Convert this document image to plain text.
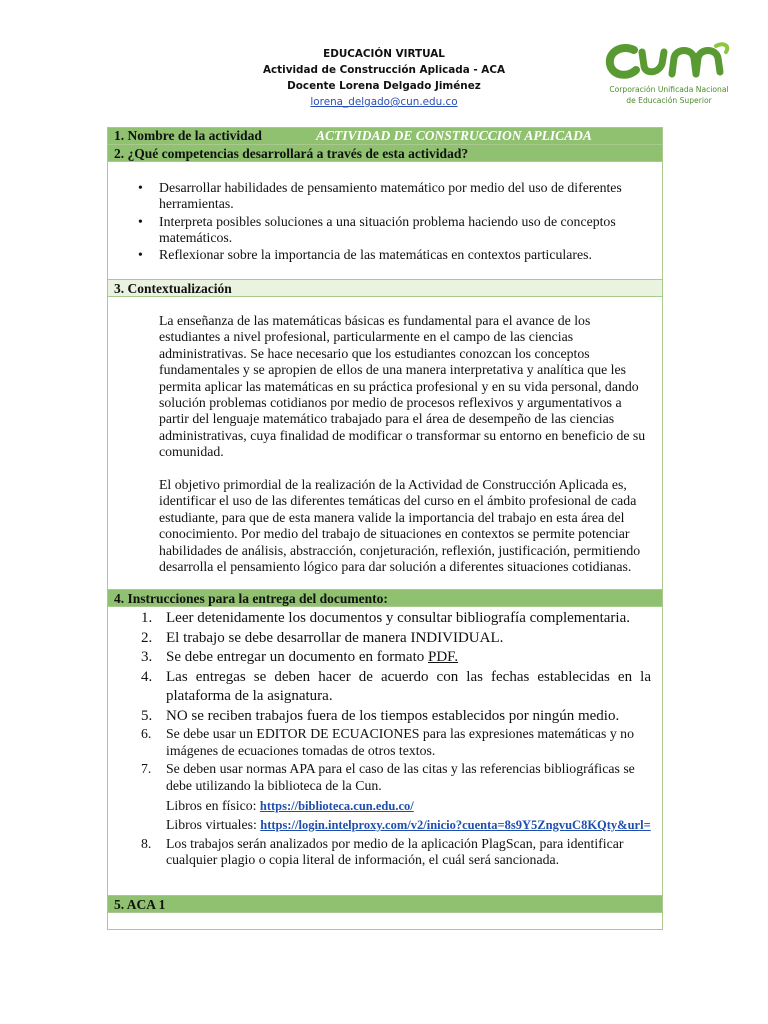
EDUCACIÓN VIRTUAL
Actividad de Construcción Aplicada - ACA
Docente Lorena Delgado Jiménez
lorena_delgado@cun.edu.co
Corporación Unificada Nacional
de Educación Superior
1. Nombre de la actividad	ACTIVIDAD DE CONSTRUCCION APLICADA
2. ¿Qué competencias desarrollará a través de esta actividad?
• Desarrollar habilidades de pensamiento matemático por medio del uso de diferentes herramientas.
• Interpreta posibles soluciones a una situación problema haciendo uso de conceptos matemáticos.
• Reflexionar sobre la importancia de las matemáticas en contextos particulares.
3. Contextualización
La enseñanza de las matemáticas básicas es fundamental para el avance de los estudiantes a nivel profesional, particularmente en el campo de las ciencias administrativas. Se hace necesario que los estudiantes conozcan los conceptos fundamentales y se apropien de ellos de una manera interpretativa y analítica que les permita aplicar las matemáticas en su práctica profesional y en su vida personal, dando solución problemas cotidianos por medio de procesos reflexivos y argumentativos a partir del lenguaje matemático trabajado para el área de desempeño de las ciencias administrativas, cuya finalidad de modificar o transformar su entorno en beneficio de su comunidad.
El objetivo primordial de la realización de la Actividad de Construcción Aplicada es, identificar el uso de las diferentes temáticas del curso en el ámbito profesional de cada estudiante, para que de esta manera valide la importancia del trabajo en esta área del conocimiento. Por medio del trabajo de situaciones en contextos se permite potenciar habilidades de análisis, abstracción, conjeturación, reflexión, justificación, permitiendo desarrolla el pensamiento lógico para dar solución a diferentes situaciones cotidianas.
4. Instrucciones para la entrega del documento:
1. Leer detenidamente los documentos y consultar bibliografía complementaria.
2. El trabajo se debe desarrollar de manera INDIVIDUAL.
3. Se debe entregar un documento en formato PDF.
4. Las entregas se deben hacer de acuerdo con las fechas establecidas en la plataforma de la asignatura.
5. NO se reciben trabajos fuera de los tiempos establecidos por ningún medio.
6. Se debe usar un EDITOR DE ECUACIONES para las expresiones matemáticas y no imágenes de ecuaciones tomadas de otros textos.
7. Se deben usar normas APA para el caso de las citas y las referencias bibliográficas se debe utilizando la biblioteca de la Cun.
Libros en físico: https://biblioteca.cun.edu.co/
Libros virtuales: https://login.intelproxy.com/v2/inicio?cuenta=8s9Y5ZngvuC8KQty&url=
8. Los trabajos serán analizados por medio de la aplicación PlagScan, para identificar cualquier plagio o copia literal de información, el cuál será sancionada.
5. ACA 1
